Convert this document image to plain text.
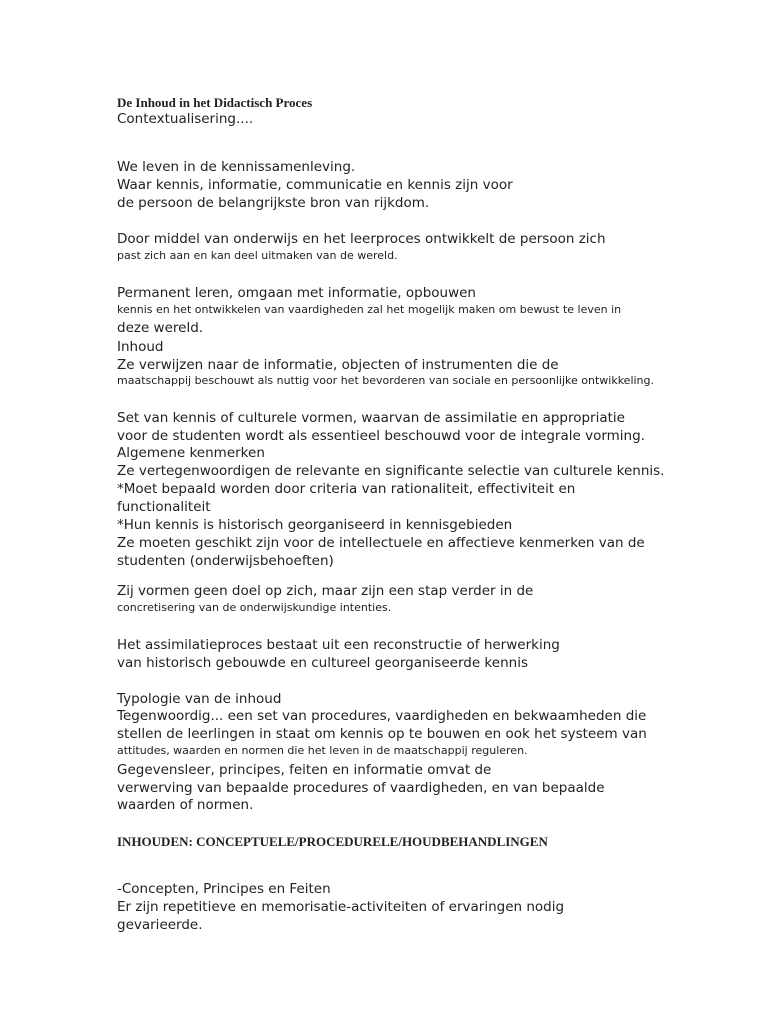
De Inhoud in het Didactisch Proces
Contextualisering....
We leven in de kennissamenleving.
Waar kennis, informatie, communicatie en kennis zijn voor
de persoon de belangrijkste bron van rijkdom.
Door middel van onderwijs en het leerproces ontwikkelt de persoon zich
past zich aan en kan deel uitmaken van de wereld.
Permanent leren, omgaan met informatie, opbouwen
kennis en het ontwikkelen van vaardigheden zal het mogelijk maken om bewust te leven in
deze wereld.
Inhoud
Ze verwijzen naar de informatie, objecten of instrumenten die de
maatschappij beschouwt als nuttig voor het bevorderen van sociale en persoonlijke ontwikkeling.
Set van kennis of culturele vormen, waarvan de assimilatie en appropriatie
voor de studenten wordt als essentieel beschouwd voor de integrale vorming.
Algemene kenmerken
Ze vertegenwoordigen de relevante en significante selectie van culturele kennis.
*Moet bepaald worden door criteria van rationaliteit, effectiviteit en
functionaliteit
*Hun kennis is historisch georganiseerd in kennisgebieden
Ze moeten geschikt zijn voor de intellectuele en affectieve kenmerken van de
studenten (onderwijsbehoeften)
Zij vormen geen doel op zich, maar zijn een stap verder in de
concretisering van de onderwijskundige intenties.
Het assimilatieproces bestaat uit een reconstructie of herwerking
van historisch gebouwde en cultureel georganiseerde kennis
Typologie van de inhoud
Tegenwoordig... een set van procedures, vaardigheden en bekwaamheden die
stellen de leerlingen in staat om kennis op te bouwen en ook het systeem van
attitudes, waarden en normen die het leven in de maatschappij reguleren.
Gegevensleer, principes, feiten en informatie omvat de
verwerving van bepaalde procedures of vaardigheden, en van bepaalde
waarden of normen.
INHOUDEN: CONCEPTUELE/PROCEDURELE/HOUDBEHANDLINGEN
-Concepten, Principes en Feiten
Er zijn repetitieve en memorisatie-activiteiten of ervaringen nodig
gevarieerde.
